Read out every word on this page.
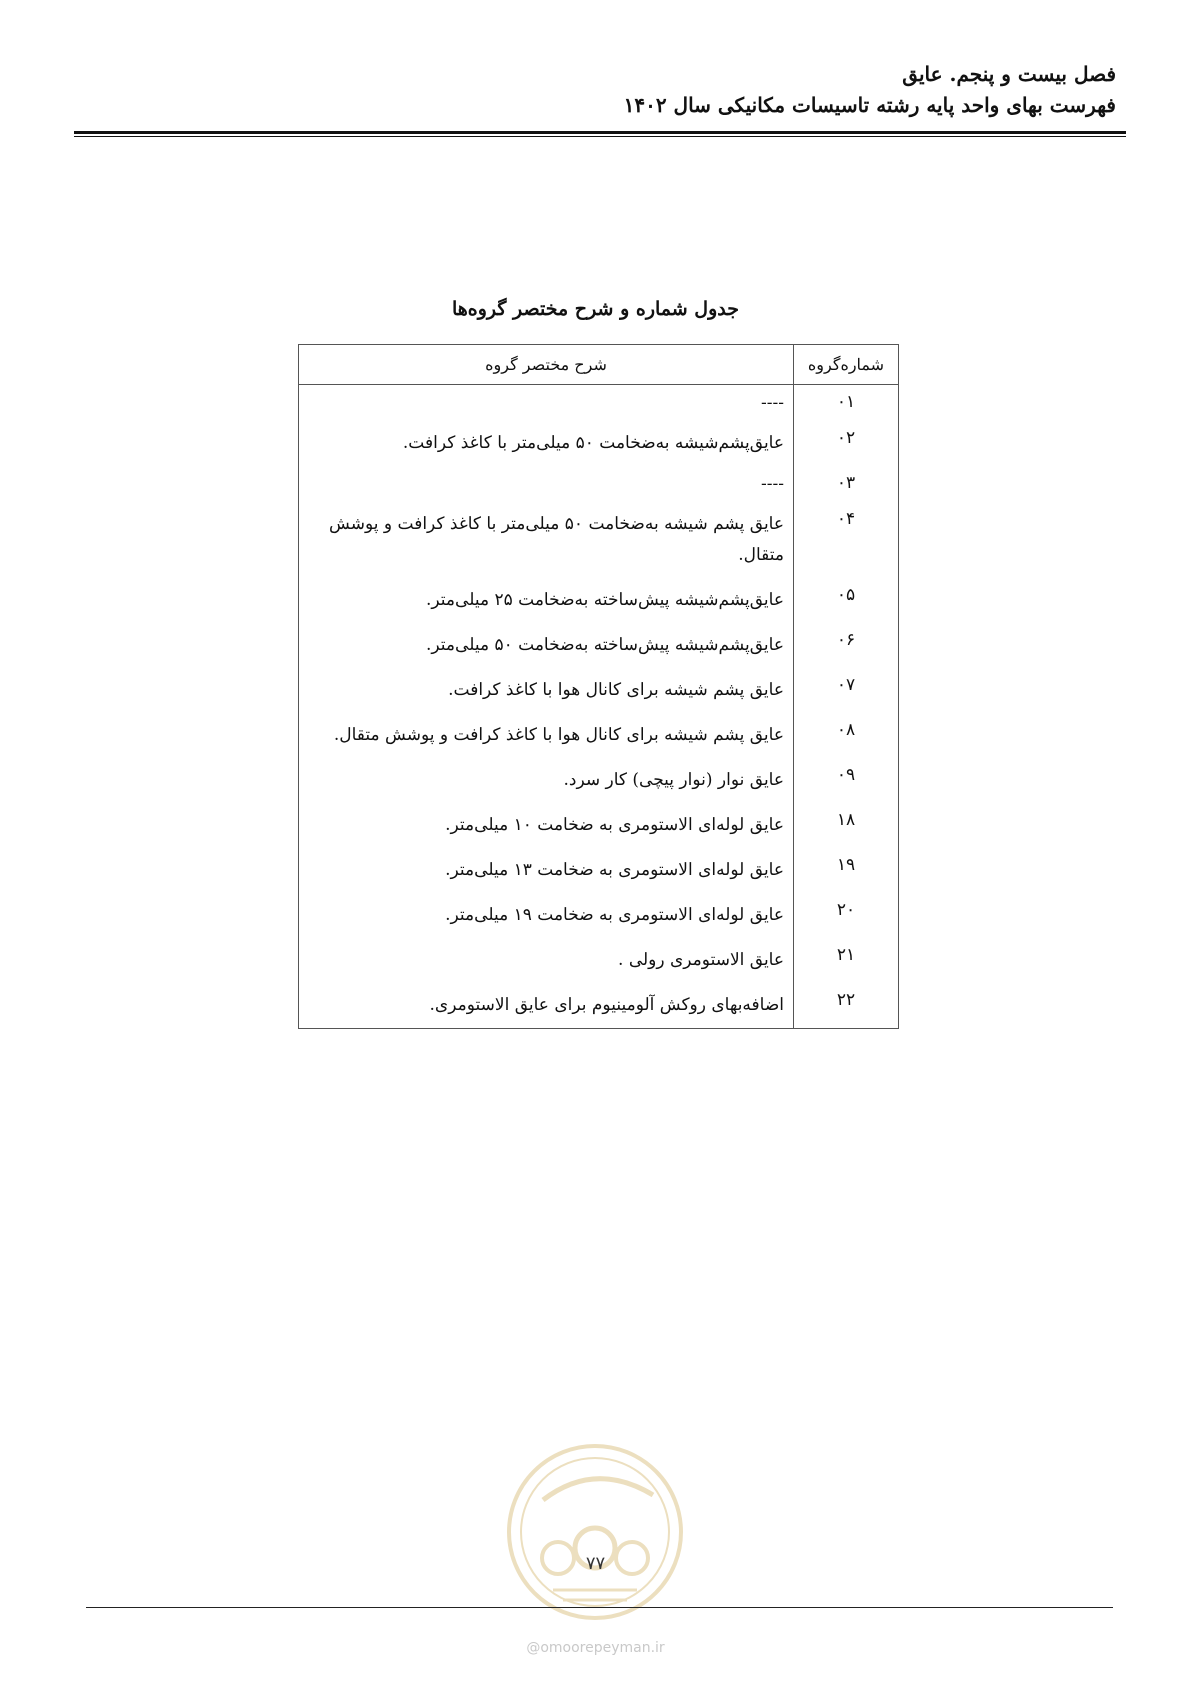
فصل بیست و پنجم. عایق
فهرست بهای واحد پایه رشته تاسیسات مکانیکی سال ۱۴۰۲
جدول شماره و شرح مختصر گروه‌ها
شماره‌گروه	شرح مختصر گروه
۰۱	----
۰۲	عایق‌پشم‌شیشه به‌ضخامت ۵۰ میلی‌متر با کاغذ کرافت.
۰۳	----
۰۴	عایق پشم شیشه به‌ضخامت ۵۰ میلی‌متر با کاغذ کرافت و پوشش متقال.
۰۵	عایق‌پشم‌شیشه پیش‌ساخته به‌ضخامت ۲۵ میلی‌متر.
۰۶	عایق‌پشم‌شیشه پیش‌ساخته به‌ضخامت ۵۰ میلی‌متر.
۰۷	عایق پشم شیشه برای کانال هوا با کاغذ کرافت.
۰۸	عایق پشم شیشه برای کانال هوا با کاغذ کرافت و پوشش متقال.
۰۹	عایق نوار (نوار پیچی) کار سرد.
۱۸	عایق لوله‌ای الاستومری به ضخامت ۱۰ میلی‌متر.
۱۹	عایق لوله‌ای الاستومری به ضخامت ۱۳ میلی‌متر.
۲۰	عایق لوله‌ای الاستومری به ضخامت ۱۹ میلی‌متر.
۲۱	عایق الاستومری رولی .
۲۲	اضافه‌بهای روکش آلومینیوم برای عایق الاستومری.
۷۷
@omoorepeyman.ir
